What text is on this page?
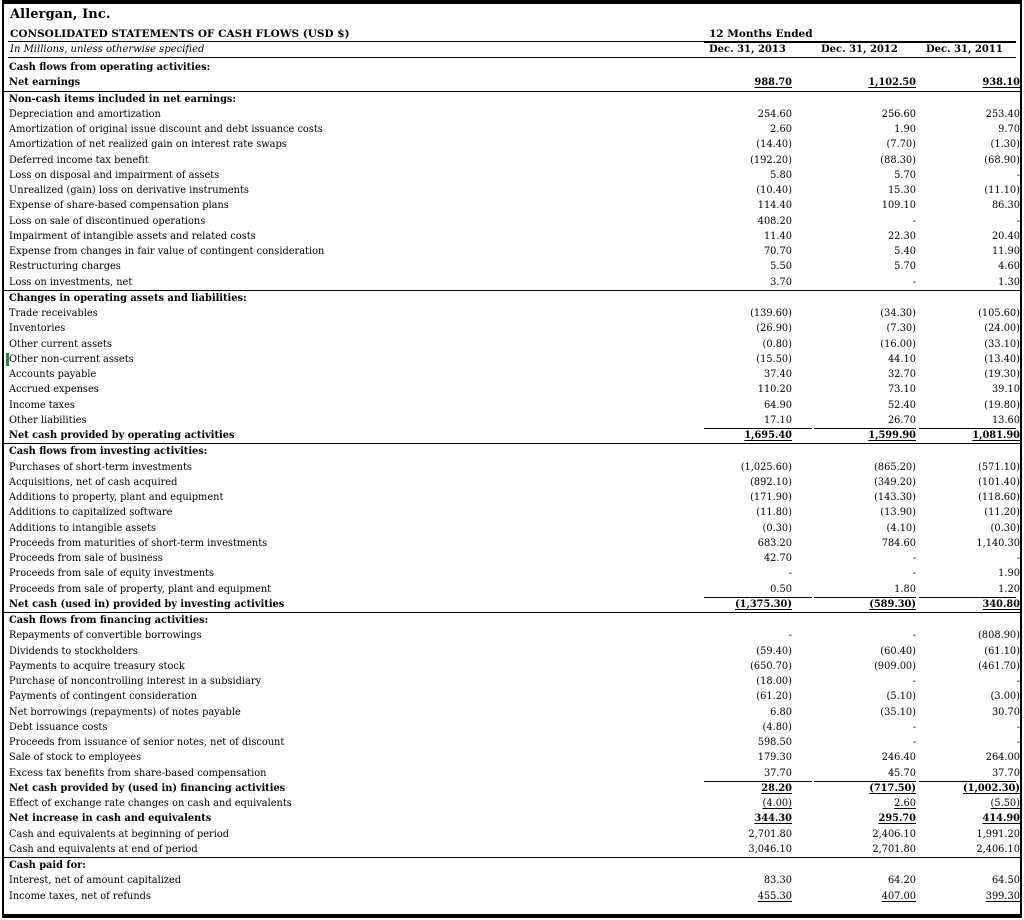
Allergan, Inc.
CONSOLIDATED STATEMENTS OF CASH FLOWS (USD $)	12 Months Ended
In Millions, unless otherwise specified	Dec. 31, 2013	Dec. 31, 2012	Dec. 31, 2011
Cash flows from operating activities:
Net earnings	988.70	1,102.50	938.10
Non-cash items included in net earnings:
Depreciation and amortization	254.60	256.60	253.40
Amortization of original issue discount and debt issuance costs	2.60	1.90	9.70
Amortization of net realized gain on interest rate swaps	(14.40)	(7.70)	(1.30)
Deferred income tax benefit	(192.20)	(88.30)	(68.90)
Loss on disposal and impairment of assets	5.80	5.70	-
Unrealized (gain) loss on derivative instruments	(10.40)	15.30	(11.10)
Expense of share-based compensation plans	114.40	109.10	86.30
Loss on sale of discontinued operations	408.20	-	-
Impairment of intangible assets and related costs	11.40	22.30	20.40
Expense from changes in fair value of contingent consideration	70.70	5.40	11.90
Restructuring charges	5.50	5.70	4.60
Loss on investments, net	3.70	-	1.30
Changes in operating assets and liabilities:
Trade receivables	(139.60)	(34.30)	(105.60)
Inventories	(26.90)	(7.30)	(24.00)
Other current assets	(0.80)	(16.00)	(33.10)
Other non-current assets	(15.50)	44.10	(13.40)
Accounts payable	37.40	32.70	(19.30)
Accrued expenses	110.20	73.10	39.10
Income taxes	64.90	52.40	(19.80)
Other liabilities	17.10	26.70	13.60
Net cash provided by operating activities	1,695.40	1,599.90	1,081.90
Cash flows from investing activities:
Purchases of short-term investments	(1,025.60)	(865.20)	(571.10)
Acquisitions, net of cash acquired	(892.10)	(349.20)	(101.40)
Additions to property, plant and equipment	(171.90)	(143.30)	(118.60)
Additions to capitalized software	(11.80)	(13.90)	(11.20)
Additions to intangible assets	(0.30)	(4.10)	(0.30)
Proceeds from maturities of short-term investments	683.20	784.60	1,140.30
Proceeds from sale of business	42.70	-	-
Proceeds from sale of equity investments	-	-	1.90
Proceeds from sale of property, plant and equipment	0.50	1.80	1.20
Net cash (used in) provided by investing activities	(1,375.30)	(589.30)	340.80
Cash flows from financing activities:
Repayments of convertible borrowings	-	-	(808.90)
Dividends to stockholders	(59.40)	(60.40)	(61.10)
Payments to acquire treasury stock	(650.70)	(909.00)	(461.70)
Purchase of noncontrolling interest in a subsidiary	(18.00)	-	-
Payments of contingent consideration	(61.20)	(5.10)	(3.00)
Net borrowings (repayments) of notes payable	6.80	(35.10)	30.70
Debt issuance costs	(4.80)	-	-
Proceeds from issuance of senior notes, net of discount	598.50	-	-
Sale of stock to employees	179.30	246.40	264.00
Excess tax benefits from share-based compensation	37.70	45.70	37.70
Net cash provided by (used in) financing activities	28.20	(717.50)	(1,002.30)
Effect of exchange rate changes on cash and equivalents	(4.00)	2.60	(5.50)
Net increase in cash and equivalents	344.30	295.70	414.90
Cash and equivalents at beginning of period	2,701.80	2,406.10	1,991.20
Cash and equivalents at end of period	3,046.10	2,701.80	2,406.10
Cash paid for:
Interest, net of amount capitalized	83.30	64.20	64.50
Income taxes, net of refunds	455.30	407.00	399.30
